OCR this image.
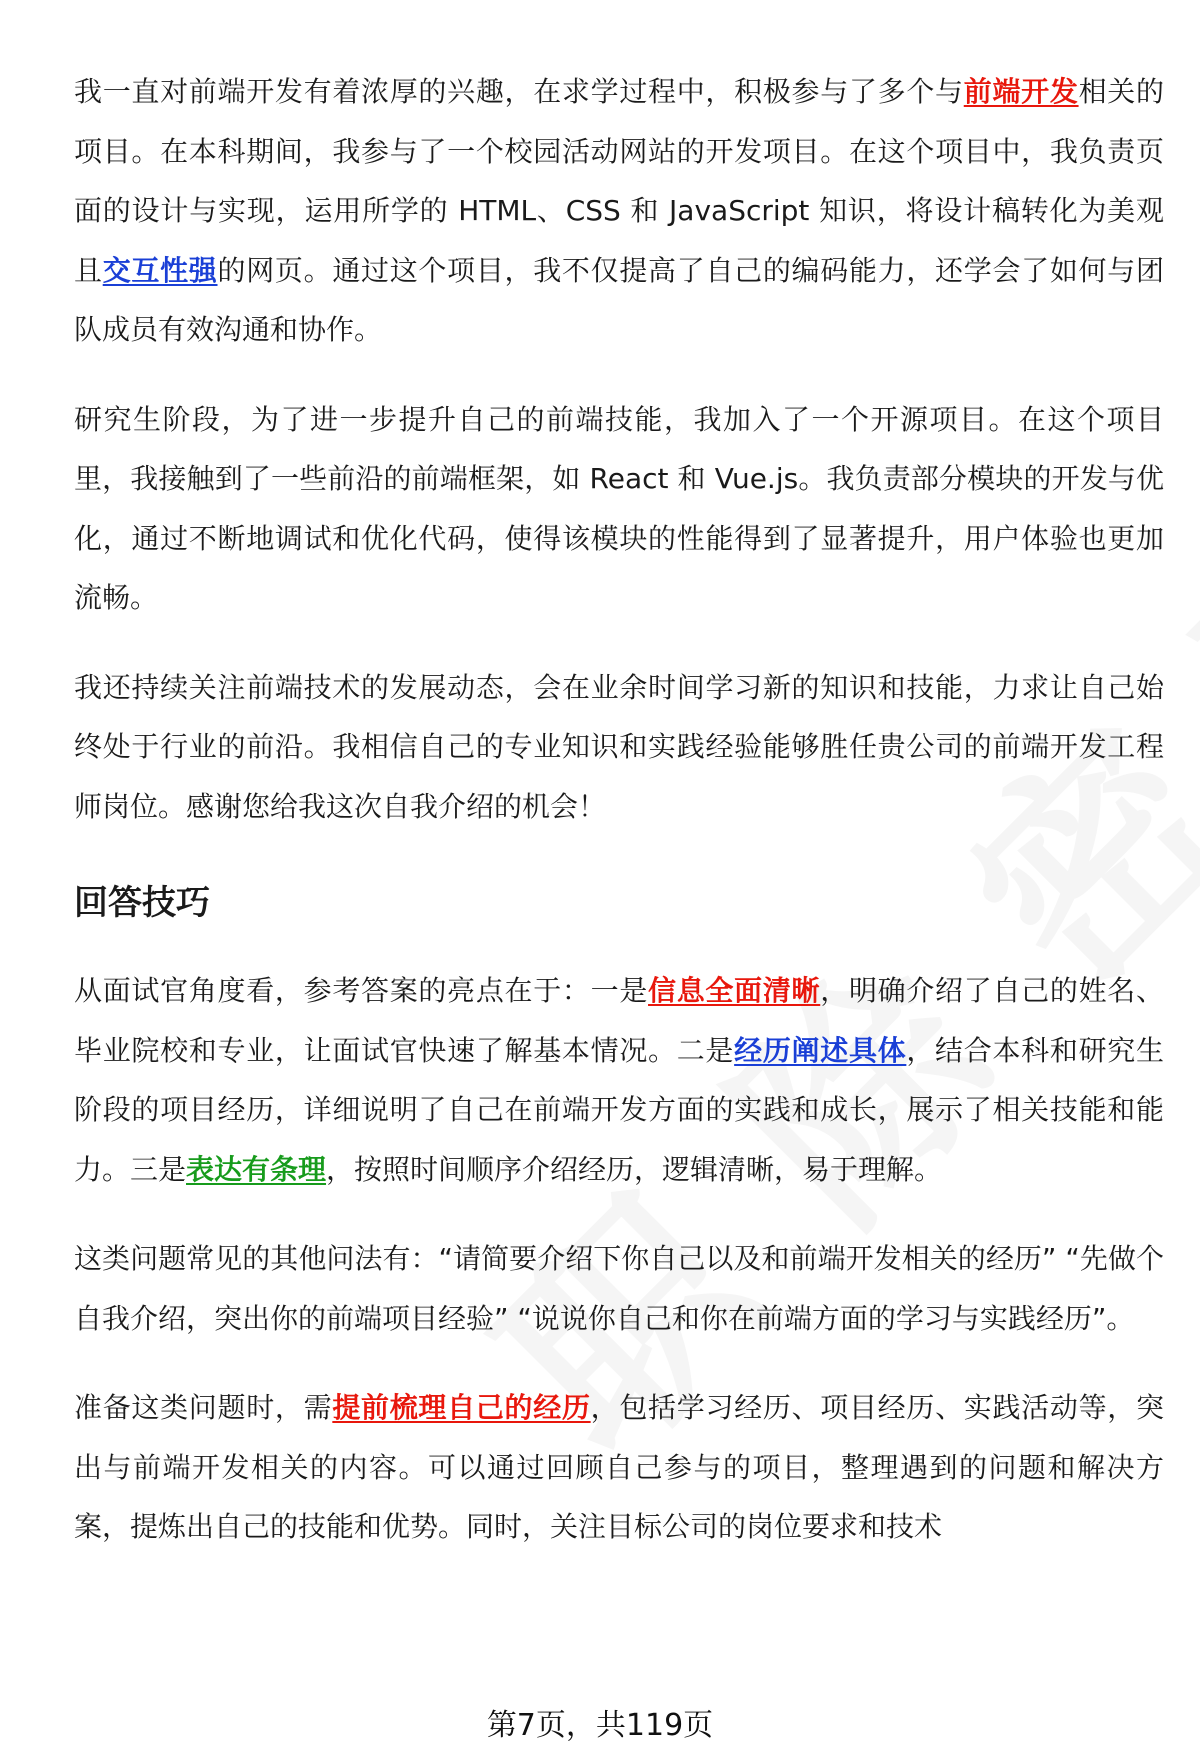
我一直对前端开发有着浓厚的兴趣，在求学过程中，积极参与了多个与前端开发相关的项目。在本科期间，我参与了一个校园活动网站的开发项目。在这个项目中，我负责页面的设计与实现，运用所学的 HTML、CSS 和 JavaScript 知识，将设计稿转化为美观且交互性强的网页。通过这个项目，我不仅提高了自己的编码能力，还学会了如何与团队成员有效沟通和协作。

研究生阶段，为了进一步提升自己的前端技能，我加入了一个开源项目。在这个项目里，我接触到了一些前沿的前端框架，如 React 和 Vue.js。我负责部分模块的开发与优化，通过不断地调试和优化代码，使得该模块的性能得到了显著提升，用户体验也更加流畅。

我还持续关注前端技术的发展动态，会在业余时间学习新的知识和技能，力求让自己始终处于行业的前沿。我相信自己的专业知识和实践经验能够胜任贵公司的前端开发工程师岗位。感谢您给我这次自我介绍的机会！

回答技巧

从面试官角度看，参考答案的亮点在于：一是信息全面清晰，明确介绍了自己的姓名、毕业院校和专业，让面试官快速了解基本情况。二是经历阐述具体，结合本科和研究生阶段的项目经历，详细说明了自己在前端开发方面的实践和成长，展示了相关技能和能力。三是表达有条理，按照时间顺序介绍经历，逻辑清晰，易于理解。

这类问题常见的其他问法有：“请简要介绍下你自己以及和前端开发相关的经历” “先做个自我介绍，突出你的前端项目经验” “说说你自己和你在前端方面的学习与实践经历”。

准备这类问题时，需提前梳理自己的经历，包括学习经历、项目经历、实践活动等，突出与前端开发相关的内容。可以通过回顾自己参与的项目，整理遇到的问题和解决方案，提炼出自己的技能和优势。同时，关注目标公司的岗位要求和技术

第7页，共119页
